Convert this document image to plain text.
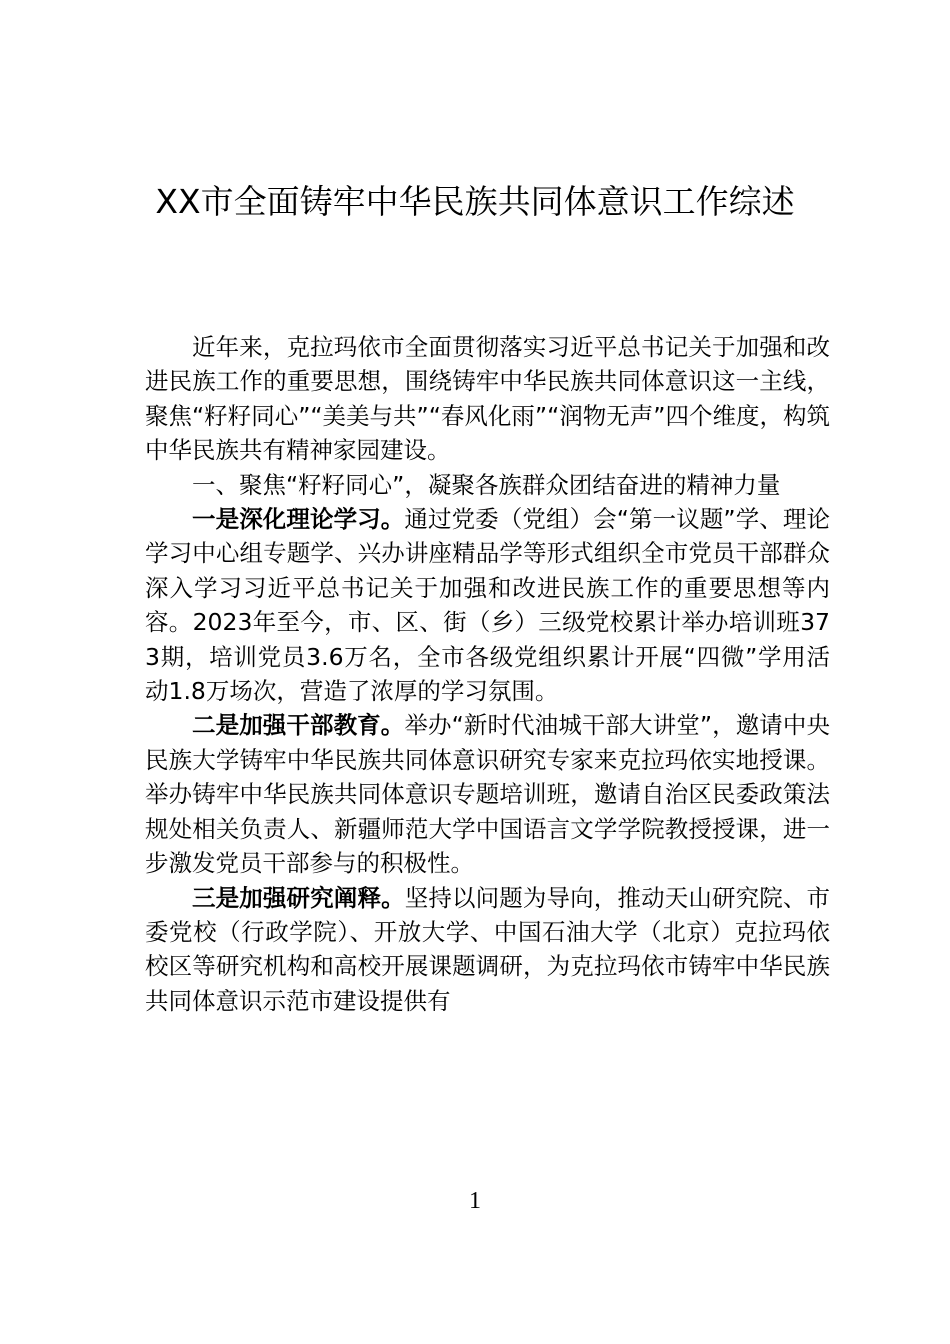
XX市全面铸牢中华民族共同体意识工作综述

近年来，克拉玛依市全面贯彻落实习近平总书记关于加强和改进民族工作的重要思想，围绕铸牢中华民族共同体意识这一主线，聚焦“籽籽同心”“美美与共”“春风化雨”“润物无声”四个维度，构筑中华民族共有精神家园建设。

一、聚焦“籽籽同心”，凝聚各族群众团结奋进的精神力量

一是深化理论学习。通过党委（党组）会“第一议题”学、理论学习中心组专题学、兴办讲座精品学等形式组织全市党员干部群众深入学习习近平总书记关于加强和改进民族工作的重要思想等内容。2023年至今，市、区、街（乡）三级党校累计举办培训班373期，培训党员3.6万名，全市各级党组织累计开展“四微”学用活动1.8万场次，营造了浓厚的学习氛围。

二是加强干部教育。举办“新时代油城干部大讲堂”，邀请中央民族大学铸牢中华民族共同体意识研究专家来克拉玛依实地授课。举办铸牢中华民族共同体意识专题培训班，邀请自治区民委政策法规处相关负责人、新疆师范大学中国语言文学学院教授授课，进一步激发党员干部参与的积极性。

三是加强研究阐释。坚持以问题为导向，推动天山研究院、市委党校（行政学院）、开放大学、中国石油大学（北京）克拉玛依校区等研究机构和高校开展课题调研，为克拉玛依市铸牢中华民族共同体意识示范市建设提供有

1
